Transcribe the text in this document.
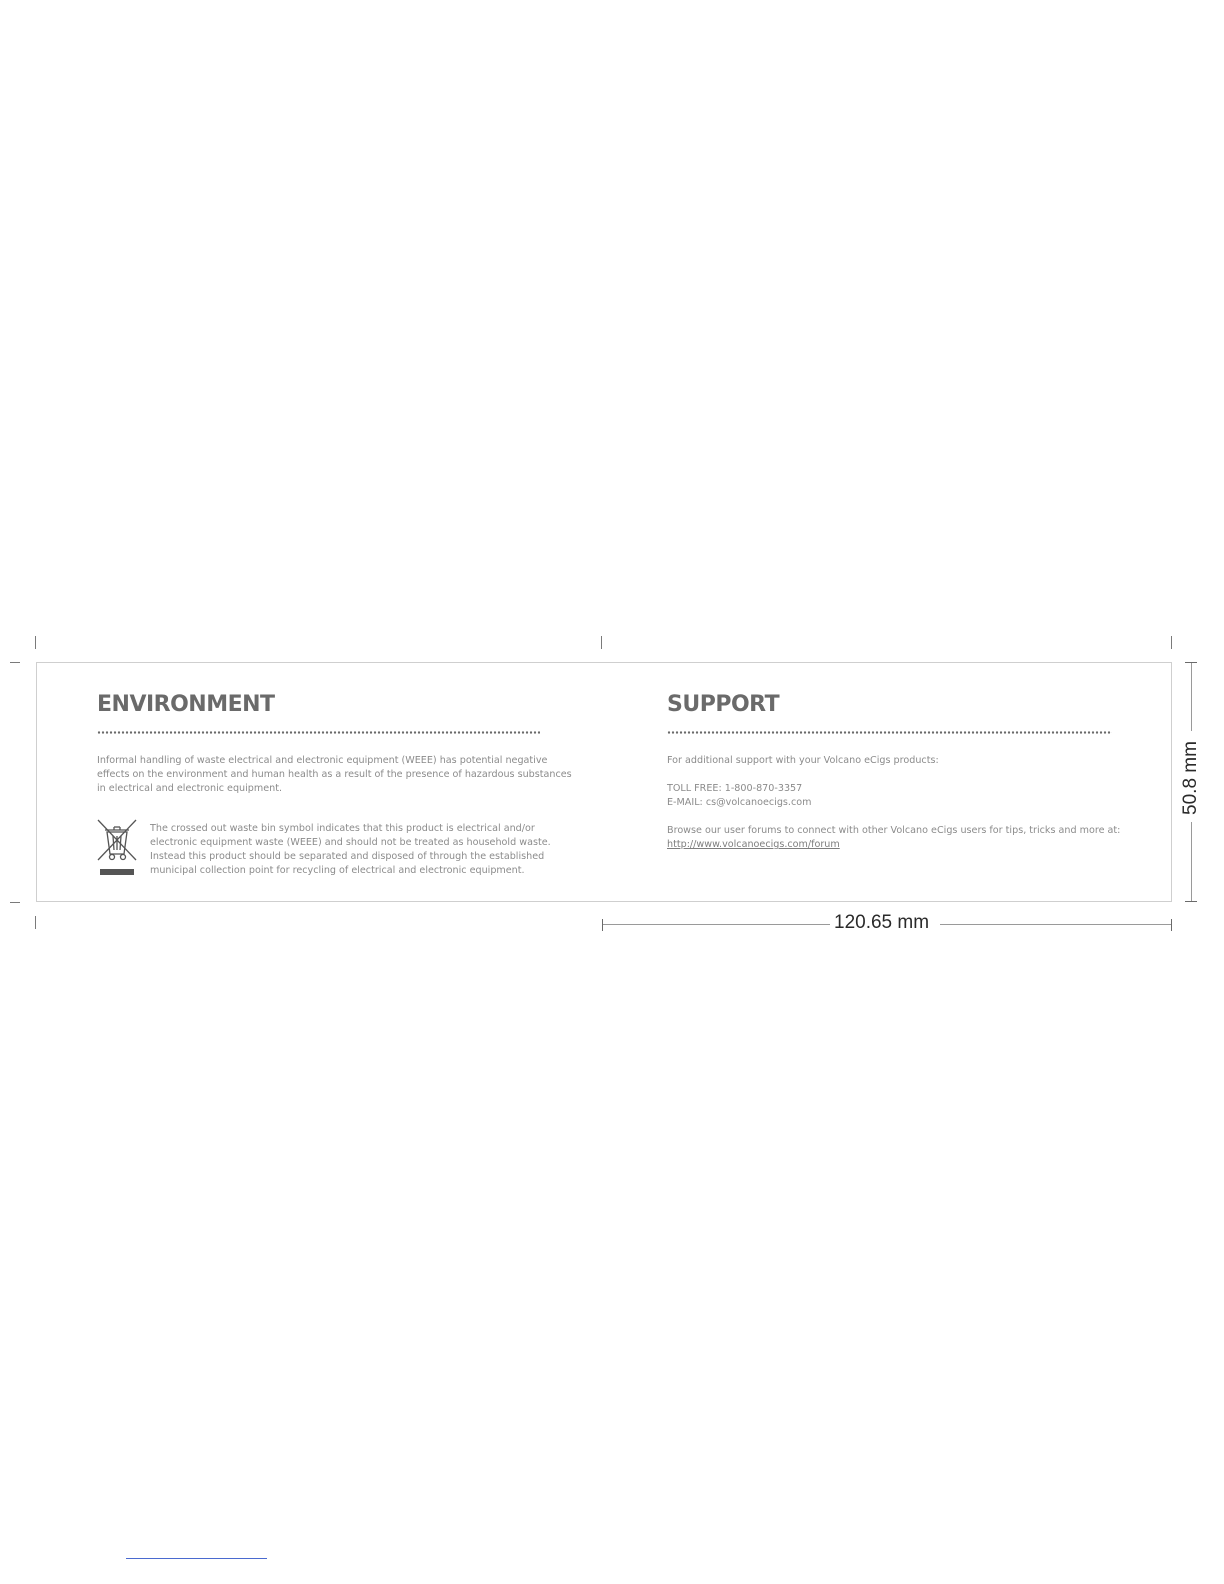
ENVIRONMENT

Informal handling of waste electrical and electronic equipment (WEEE) has potential negative
effects on the environment and human health as a result of the presence of hazardous substances
in electrical and electronic equipment.

The crossed out waste bin symbol indicates that this product is electrical and/or
electronic equipment waste (WEEE) and should not be treated as household waste.
Instead this product should be separated and disposed of through the established
municipal collection point for recycling of electrical and electronic equipment.

SUPPORT

For additional support with your Volcano eCigs products:

TOLL FREE: 1-800-870-3357

E-MAIL: cs@volcanoecigs.com

Browse our user forums to connect with other Volcano eCigs users for tips, tricks and more at:

http://www.volcanoecigs.com/forum
120.65 mm
50.8 mm
